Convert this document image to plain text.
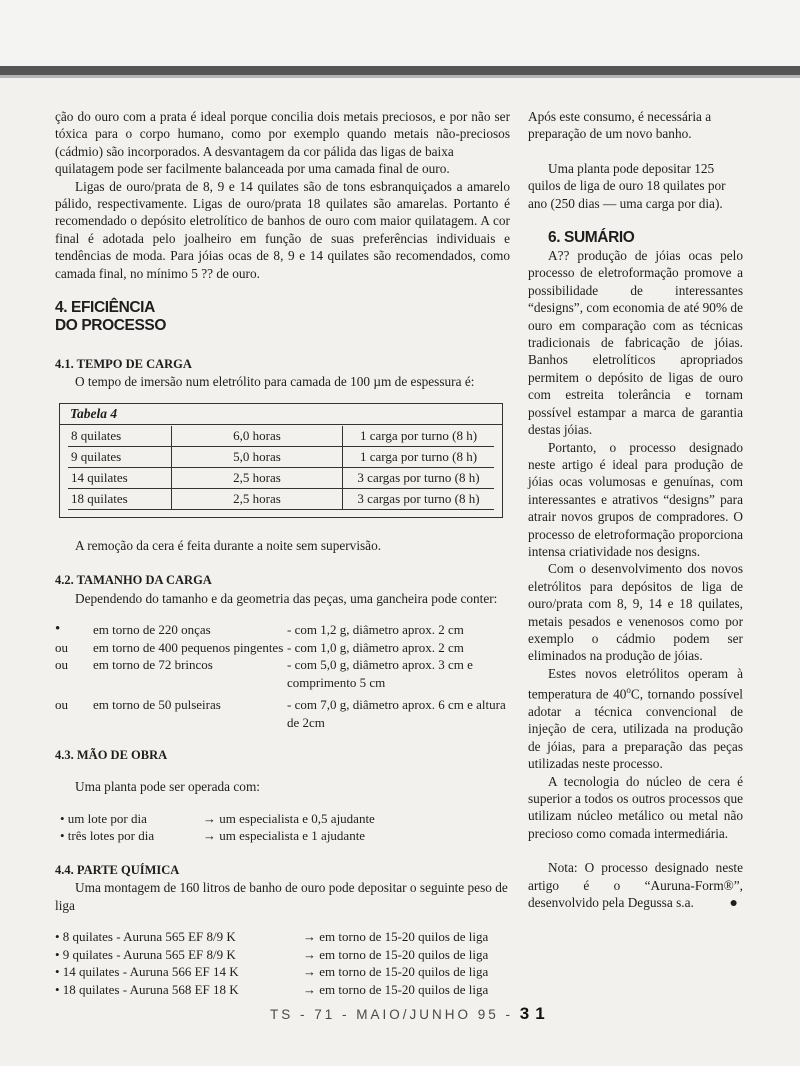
ção do ouro com a prata é ideal porque concilia dois metais preciosos, e por não ser tóxica para o corpo humano, como por exemplo quando metais não-preciosos (cádmio) são incorporados. A desvantagem da cor pálida das ligas de baixa

quilatagem pode ser facilmente balanceada por uma camada final de ouro.

Ligas de ouro/prata de 8, 9 e 14 quilates são de tons esbranquiçados a amarelo pálido, respectivamente. Ligas de ouro/prata 18 quilates são amarelas. Portanto é recomendado o depósito eletrolítico de banhos de ouro com maior quilatagem. A cor final é adotada pelo joalheiro em função de suas preferências individuais e tendências de moda. Para jóias ocas de 8, 9 e 14 quilates são recomendados, como camada final, no mínimo 5 ?? de ouro.

4. EFICIÊNCIA
DO PROCESSO
4.1. TEMPO DE CARGA

O tempo de imersão num eletrólito para camada de 100 µm de espessura é:

Tabela 4
8 quilates	6,0 horas	1 carga por turno (8 h)
9 quilates	5,0 horas	1 carga por turno (8 h)
14 quilates	2,5 horas	3 cargas por turno (8 h)
18 quilates	2,5 horas	3 cargas por turno (8 h)

A remoção da cera é feita durante a noite sem supervisão.

4.2. TAMANHO DA CARGA

Dependendo do tamanho e da geometria das peças, uma gancheira pode conter:

•	em torno de 220 onças	- com 1,2 g, diâmetro aprox. 2 cm
ou em torno de 400 pequenos pingentes - com 1,0 g, diâmetro aprox. 2 cm
ou em torno de 72 brincos	- com 5,0 g, diâmetro aprox. 3 cm e comprimento 5 cm
ou em torno de 50 pulseiras	- com 7,0 g, diâmetro aprox. 6 cm e altura de 2cm
4.3. MÃO DE OBRA

Uma planta pode ser operada com:

• um lote por dia	→ um especialista e 0,5 ajudante
• três lotes por dia	→ um especialista e 1 ajudante
4.4. PARTE QUÍMICA

Uma montagem de 160 litros de banho de ouro pode depositar o seguinte peso de liga

• 8 quilates - Auruna 565 EF 8/9 K	→ em torno de 15-20 quilos de liga
• 9 quilates - Auruna 565 EF 8/9 K	→ em torno de 15-20 quilos de liga
• 14 quilates - Auruna 566 EF 14 K	→ em torno de 15-20 quilos de liga
• 18 quilates - Auruna 568 EF 18 K	→ em torno de 15-20 quilos de liga

Após este consumo, é necessária a preparação de um novo banho.

Uma planta pode depositar 125 quilos de liga de ouro 18 quilates por ano (250 dias — uma carga por dia).

6. SUMÁRIO

A?? produção de jóias ocas pelo processo de eletroformação promove a possibilidade de interessantes “designs”, com economia de até 90% de ouro em comparação com as técnicas tradicionais de fabricação de jóias. Banhos eletrolíticos apropriados permitem o depósito de ligas de ouro com estreita tolerância e tornam possível estampar a marca de garantia destas jóias.

Portanto, o processo designado neste artigo é ideal para produção de jóias ocas volumosas e genuínas, com interessantes e atrativos “designs” para atrair novos grupos de compradores. O processo de eletroformação proporciona intensa criatividade nos designs.

Com o desenvolvimento dos novos eletrólitos para depósitos de liga de ouro/prata com 8, 9, 14 e 18 quilates, metais pesados e venenosos como por exemplo o cádmio podem ser eliminados na produção de jóias.

Estes novos eletrólitos operam à temperatura de 40$^o$C, tornando possível adotar a técnica convencional de injeção de cera, utilizada na produção de jóias, para a preparação das peças utilizadas neste processo.

A tecnologia do núcleo de cera é superior a todos os outros processos que utilizam núcleo metálico ou metal não precioso como comada intermediária.

Nota: O processo designado neste artigo é o “Auruna-Form®”, desenvolvido pela Degussa s.a.	●
TS - 71 - MAIO/JUNHO 95 - 31
